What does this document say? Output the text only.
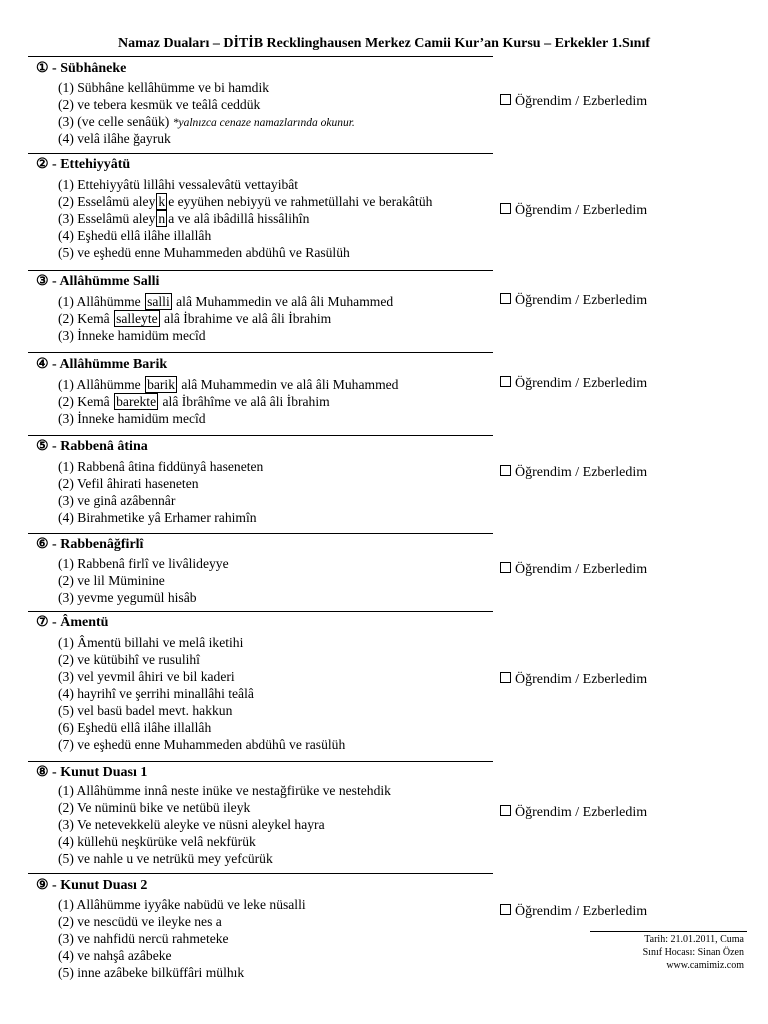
Namaz Duaları – DİTİB Recklinghausen Merkez Camii Kur’an Kursu – Erkekler 1.Sınıf
① - Sübhâneke
(1) Sübhâne kellâhümme ve bi hamdik
(2) ve tebera kesmük ve teâlâ ceddük
(3) (ve celle senâük) *yalnızca cenaze namazlarında okunur.
(4) velâ ilâhe ğayruk
Öğrendim / Ezberledim
② - Ettehiyyâtü
(1) Ettehiyyâtü lillâhi vessalevâtü vettayibât
(2) Esselâmü aley k e eyyühen nebiyyü ve rahmetüllahi ve berakâtüh
(3) Esselâmü aley n a ve alâ ibâdillâ hissâlihîn
(4) Eşhedü ellâ ilâhe illallâh
(5) ve eşhedü enne Muhammeden abdühû ve Rasülüh
Öğrendim / Ezberledim
③ - Allâhümme Salli
(1) Allâhümme salli alâ Muhammedin ve alâ âli Muhammed
(2) Kemâ salleyte alâ İbrahime ve alâ âli İbrahim
(3) İnneke hamidüm mecîd
Öğrendim / Ezberledim
④ - Allâhümme Barik
(1) Allâhümme barik alâ Muhammedin ve alâ âli Muhammed
(2) Kemâ barekte alâ İbrâhîme ve alâ âli İbrahim
(3) İnneke hamidüm mecîd
Öğrendim / Ezberledim
⑤ - Rabbenâ âtina
(1) Rabbenâ âtina fiddünyâ haseneten
(2) Vefil âhirati haseneten
(3) ve ginâ azâbennâr
(4) Birahmetike yâ Erhamer rahimîn
Öğrendim / Ezberledim
⑥ - Rabbenâğfirlî
(1) Rabbenâ firlî ve livâlideyye
(2) ve lil Müminine
(3) yevme yegumül hisâb
Öğrendim / Ezberledim
⑦ - Âmentü
(1) Âmentü billahi ve melâ iketihi
(2) ve kütübihî ve rusulihî
(3) vel yevmil âhiri ve bil kaderi
(4) hayrihî ve şerrihi minallâhi teâlâ
(5) vel basü badel mevt. hakkun
(6) Eşhedü ellâ ilâhe illallâh
(7) ve eşhedü enne Muhammeden abdühû ve rasülüh
Öğrendim / Ezberledim
⑧ - Kunut Duası 1
(1) Allâhümme innâ neste inüke ve nestağfirüke ve nestehdik
(2) Ve nüminü bike ve netübü ileyk
(3) Ve netevekkelü aleyke ve nüsni aleykel hayra
(4) küllehü neşkürüke velâ nekfürük
(5) ve nahle u ve netrükü mey yefcürük
Öğrendim / Ezberledim
⑨ - Kunut Duası 2
(1) Allâhümme iyyâke nabüdü ve leke nüsalli
(2) ve nescüdü ve ileyke nes a
(3) ve nahfidü nercü rahmeteke
(4) ve nahşâ azâbeke
(5) inne azâbeke bilküffâri mülhık
Öğrendim / Ezberledim
Tarih: 21.01.2011, Cuma
Sınıf Hocası: Sinan Özen
www.camimiz.com
